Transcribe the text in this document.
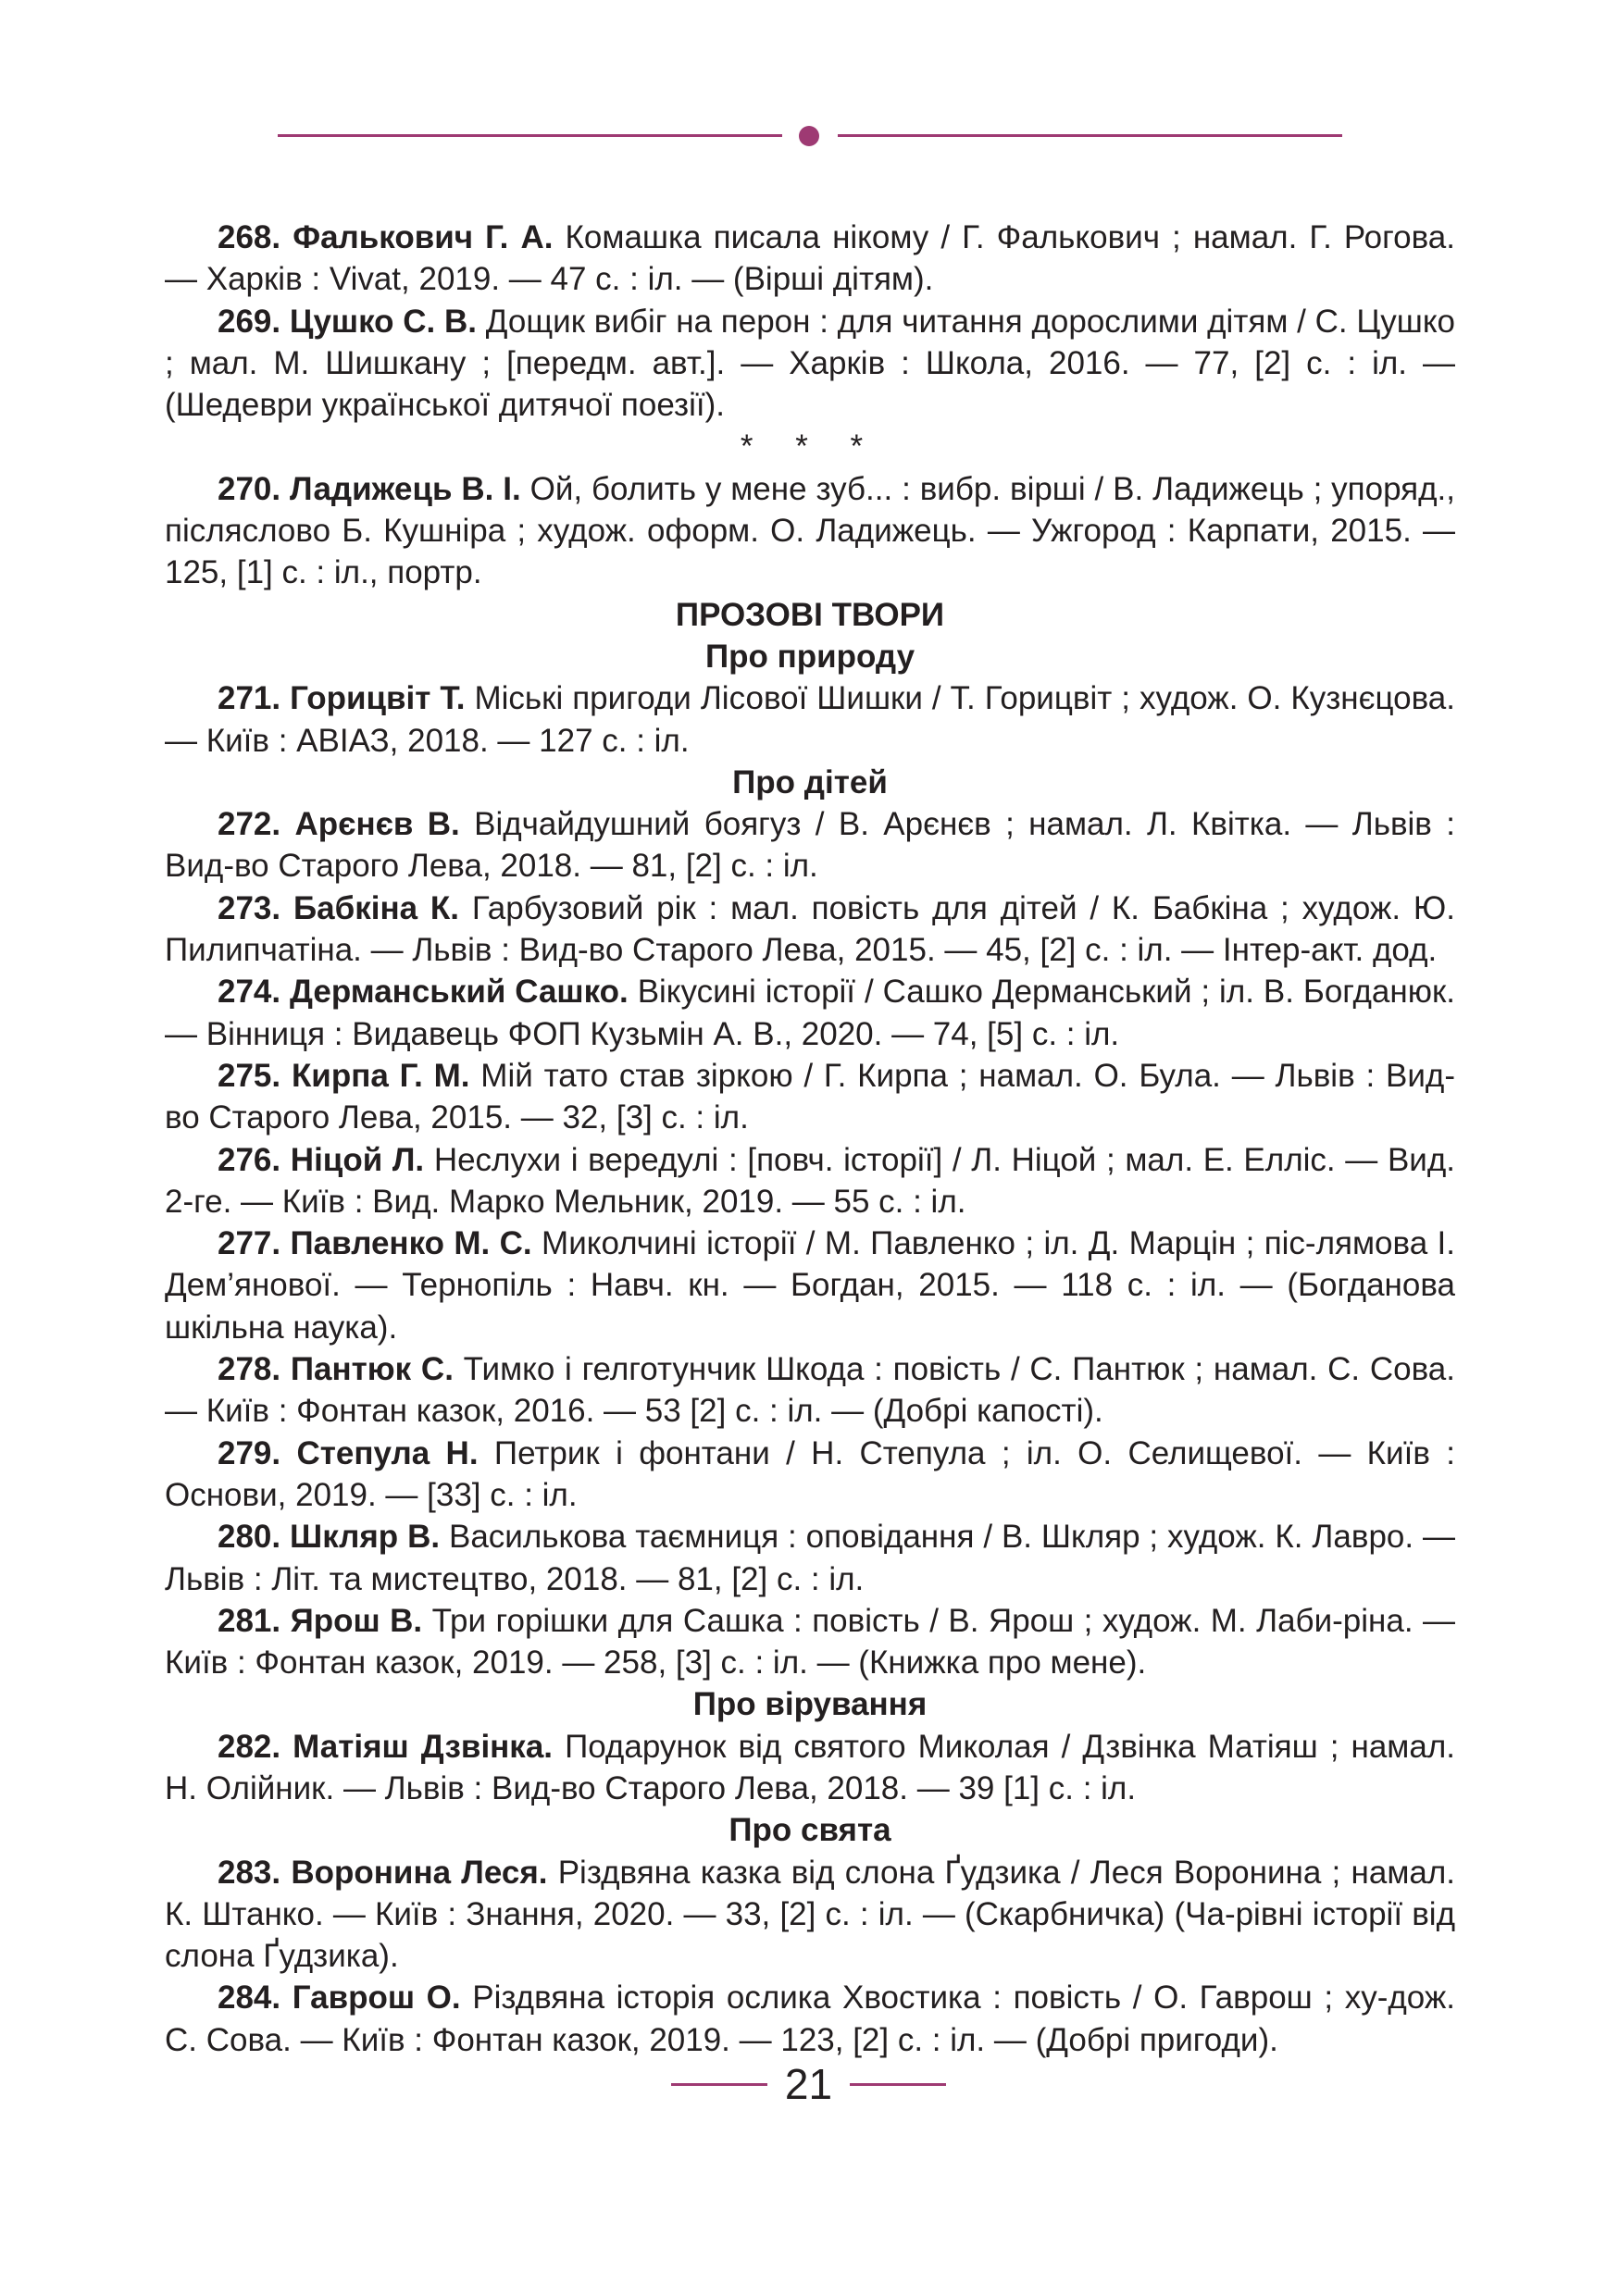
268. Фалькович Г. А. Комашка писала нікому / Г. Фалькович ; намал. Г. Рогова. — Харків : Vivat, 2019. — 47 с. : іл. — (Вірші дітям).

269. Цушко С. В. Дощик вибіг на перон : для читання дорослими дітям / С. Цушко ; мал. М. Шишкану ; [передм. авт.]. — Харків : Школа, 2016. — 77, [2] с. : іл. — (Шедеври української дитячої поезії).

* * *

270. Ладижець В. І. Ой, болить у мене зуб... : вибр. вірші / В. Ладижець ; упоряд., післяслово Б. Кушніра ; худож. оформ. О. Ладижець. — Ужгород : Карпати, 2015. — 125, [1] с. : іл., портр.

ПРОЗОВІ ТВОРИ

Про природу

271. Горицвіт Т. Міські пригоди Лісової Шишки / Т. Горицвіт ; худож. О. Кузнєцова. — Київ : АВІАЗ, 2018. — 127 с. : іл.

Про дітей

272. Арєнєв В. Відчайдушний боягуз / В. Арєнєв ; намал. Л. Квітка. — Львів : Вид-во Старого Лева, 2018. — 81, [2] с. : іл.

273. Бабкіна К. Гарбузовий рік : мал. повість для дітей / К. Бабкіна ; худож. Ю. Пилипчатіна. — Львів : Вид-во Старого Лева, 2015. — 45, [2] с. : іл. — Інтер-акт. дод.

274. Дерманський Сашко. Вікусині історії / Сашко Дерманський ; іл. В. Богданюк. — Вінниця : Видавець ФОП Кузьмін А. В., 2020. — 74, [5] с. : іл.

275. Кирпа Г. М. Мій тато став зіркою / Г. Кирпа ; намал. О. Була. — Львів : Вид-во Старого Лева, 2015. — 32, [3] с. : іл.

276. Ніцой Л. Неслухи і вередулі : [повч. історії] / Л. Ніцой ; мал. Е. Елліс. — Вид. 2-ге. — Київ : Вид. Марко Мельник, 2019. — 55 с. : іл.

277. Павленко М. С. Миколчині історії / М. Павленко ; іл. Д. Марцін ; піс-лямова І. Дем’янової. — Тернопіль : Навч. кн. — Богдан, 2015. — 118 с. : іл. — (Богданова шкільна наука).

278. Пантюк С. Тимко і гелготунчик Шкода : повість / С. Пантюк ; намал. С. Сова. — Київ : Фонтан казок, 2016. — 53 [2] с. : іл. — (Добрі капості).

279. Степула Н. Петрик і фонтани / Н. Степула ; іл. О. Селищевої. — Київ : Основи, 2019. — [33] с. : іл.

280. Шкляр В. Василькова таємниця : оповідання / В. Шкляр ; худож. К. Лавро. — Львів : Літ. та мистецтво, 2018. — 81, [2] с. : іл.

281. Ярош В. Три горішки для Сашка : повість / В. Ярош ; худож. М. Лаби-ріна. — Київ : Фонтан казок, 2019. — 258, [3] с. : іл. — (Книжка про мене).

Про вірування

282. Матіяш Дзвінка. Подарунок від святого Миколая / Дзвінка Матіяш ; намал. Н. Олійник. — Львів : Вид-во Старого Лева, 2018. — 39 [1] с. : іл.

Про свята

283. Воронина Леся. Різдвяна казка від слона Ґудзика / Леся Воронина ; намал. К. Штанко. — Київ : Знання, 2020. — 33, [2] с. : іл. — (Скарбничка) (Ча-рівні історії від слона Ґудзика).

284. Гаврош О. Різдвяна історія ослика Хвостика : повість / О. Гаврош ; ху-дож. С. Сова. — Київ : Фонтан казок, 2019. — 123, [2] с. : іл. — (Добрі пригоди).

21
